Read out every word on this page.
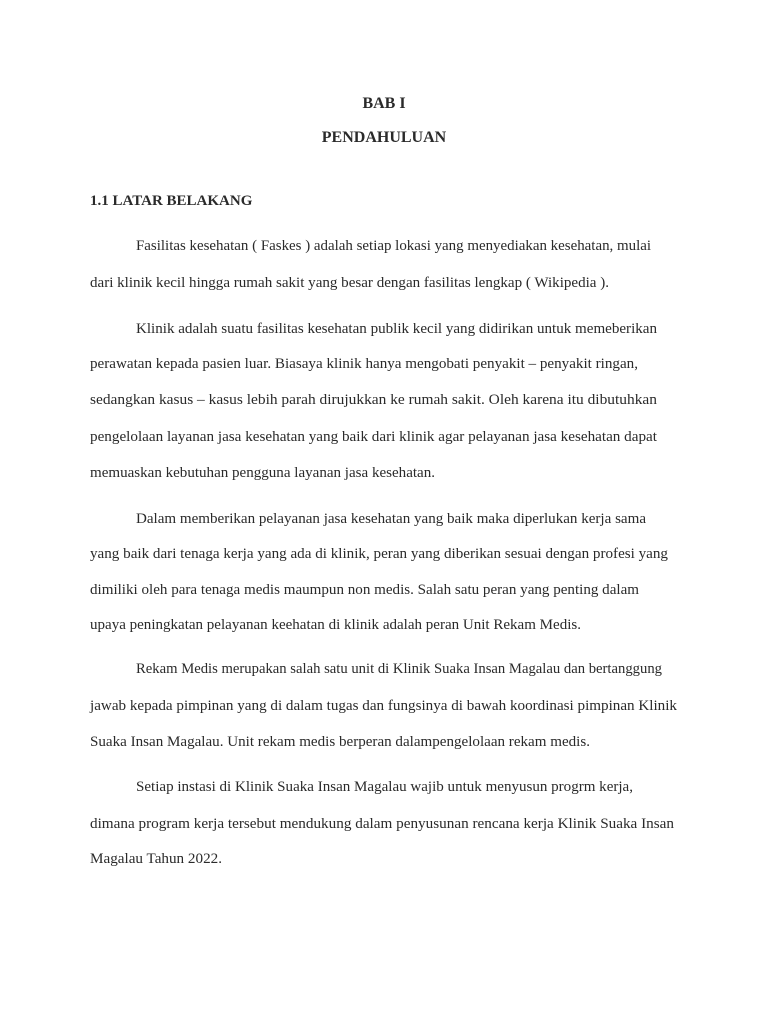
BAB I
PENDAHULUAN
1.1 LATAR BELAKANG
Fasilitas kesehatan ( Faskes ) adalah setiap lokasi yang menyediakan kesehatan, mulai
dari klinik kecil hingga rumah sakit yang besar dengan fasilitas lengkap ( Wikipedia ).
Klinik adalah suatu fasilitas kesehatan publik kecil yang didirikan untuk memeberikan
perawatan kepada pasien luar. Biasaya klinik hanya mengobati penyakit – penyakit ringan,
sedangkan kasus – kasus lebih parah dirujukkan ke rumah sakit. Oleh karena itu dibutuhkan
pengelolaan layanan jasa kesehatan yang baik dari klinik agar pelayanan jasa kesehatan dapat
memuaskan kebutuhan pengguna layanan jasa kesehatan.
Dalam memberikan pelayanan jasa kesehatan yang baik maka diperlukan kerja sama
yang baik dari tenaga kerja yang ada di klinik, peran yang diberikan sesuai dengan profesi yang
dimiliki oleh para tenaga medis maumpun non medis. Salah satu peran yang penting dalam
upaya peningkatan pelayanan keehatan di klinik adalah peran Unit Rekam Medis.
Rekam Medis merupakan salah satu unit di Klinik Suaka Insan Magalau dan bertanggung
jawab kepada pimpinan yang di dalam tugas dan fungsinya di bawah koordinasi pimpinan Klinik
Suaka Insan Magalau. Unit rekam medis berperan dalampengelolaan rekam medis.
Setiap instasi di Klinik Suaka Insan Magalau wajib untuk menyusun progrm kerja,
dimana program kerja tersebut mendukung dalam penyusunan rencana kerja Klinik Suaka Insan
Magalau Tahun 2022.
